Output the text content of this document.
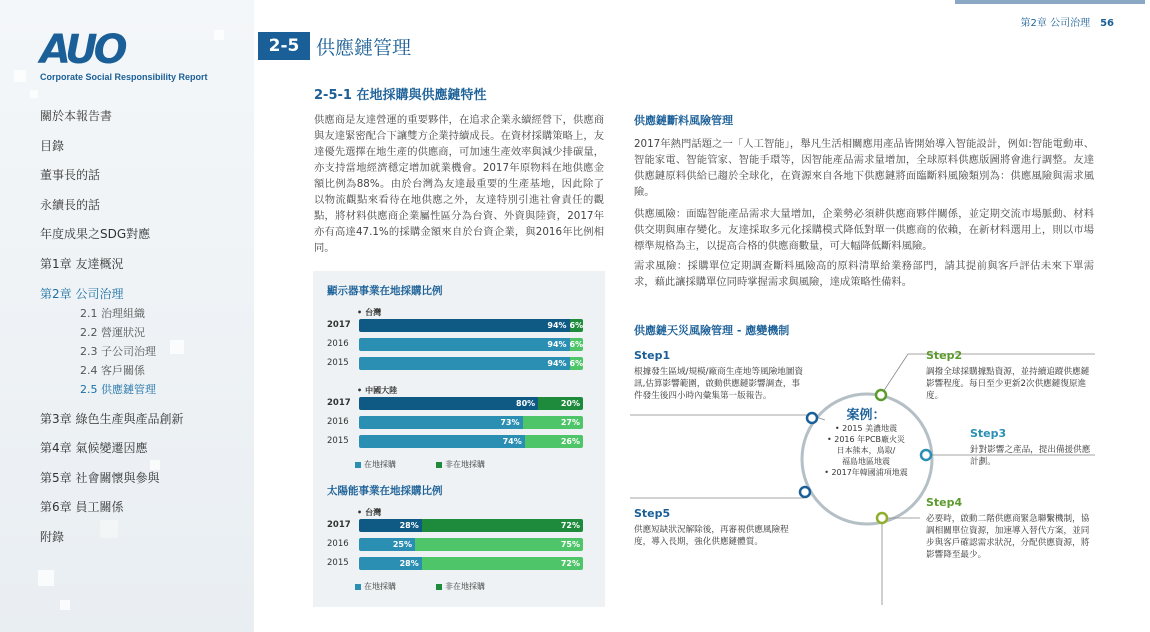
AUO
Corporate Social Responsibility Report
關於本報告書
目錄
董事長的話
永續長的話
年度成果之SDG對應
第1章 友達概況
第2章 公司治理
2.1 治理組織
2.2 營運狀況
2.3 子公司治理
2.4 客戶關係
2.5 供應鏈管理
第3章 綠色生產與產品創新
第4章 氣候變遷因應
第5章 社會關懷與參與
第6章 員工關係
附錄
第2章 公司治理 56
2-5 供應鏈管理
2-5-1 在地採購與供應鏈特性
供應商是友達營運的重要夥伴，在追求企業永續經營下，供應商與友達緊密配合下讓雙方企業持續成長。在資材採購策略上，友達優先選擇在地生產的供應商，可加速生產效率與減少排碳量，亦支持當地經濟穩定增加就業機會。2017年原物料在地供應金額比例為88%。由於台灣為友達最重要的生產基地，因此除了以物流觀點來看待在地供應之外，友達特別引進社會責任的觀點，將材料供應商企業屬性區分為台資、外資與陸資，2017年亦有高達47.1%的採購金額來自於台資企業，與2016年比例相同。
顯示器事業在地採購比例
• 台灣
2017	94% 6%
2016	94% 6%
2015	94% 6%
• 中國大陸
2017	80%	20%
2016	73%	27%
2015	74%	26%
在地採購	非在地採購
太陽能事業在地採購比例
• 台灣
2017	28%	72%
2016	25%	75%
2015	28%	72%
在地採購	非在地採購
供應鏈斷料風險管理
2017年熱門話題之一「人工智能」，舉凡生活相關應用產品皆開始導入智能設計，例如:智能電動車、智能家電、智能管家、智能手環等，因智能產品需求量增加，全球原料供應版圖將會進行調整。友達供應鏈原料供給已趨於全球化，在資源來自各地下供應鏈將面臨斷料風險類別為：供應風險與需求風險。
供應風險：面臨智能產品需求大量增加，企業勢必須耕供應商夥伴關係，並定期交流市場脈動、材料供交期與庫存變化。友達採取多元化採購模式降低對單一供應商的依賴，在新材料選用上，則以市場標準規格為主，以提高合格的供應商數量，可大幅降低斷料風險。
需求風險：採購單位定期調查斷料風險高的原料清單給業務部門，請其提前與客戶評估未來下單需求，藉此讓採購單位同時掌握需求與風險，達成策略性備料。
供應鏈天災風險管理 - 應變機制
案例：
• 2015 美濃地震
• 2016 年PCB廠火災
日本熊本，鳥取/
福島地區地震
• 2017年韓國浦項地震
Step1
根據發生區域/規模/廠商生產地等風險地圖資訊,估算影響範圍，啟動供應鏈影響調查，事件發生後四小時內彙集第一版報告。
Step2
調撥全球採購據點資源，並持續追蹤供應鏈影響程度。每日至少更新2次供應鏈復原進度。
Step3
針對影響之產品，提出備援供應計劃。
Step4
必要時，啟動二階供應商緊急聯繫機制，協調相關單位資源，加速導入替代方案，並同步與客戶確認需求狀況，分配供應資源，將影響降至最少。
Step5
供應短缺狀況解除後，再審視供應風險程度，導入長期，強化供應鏈體質。
